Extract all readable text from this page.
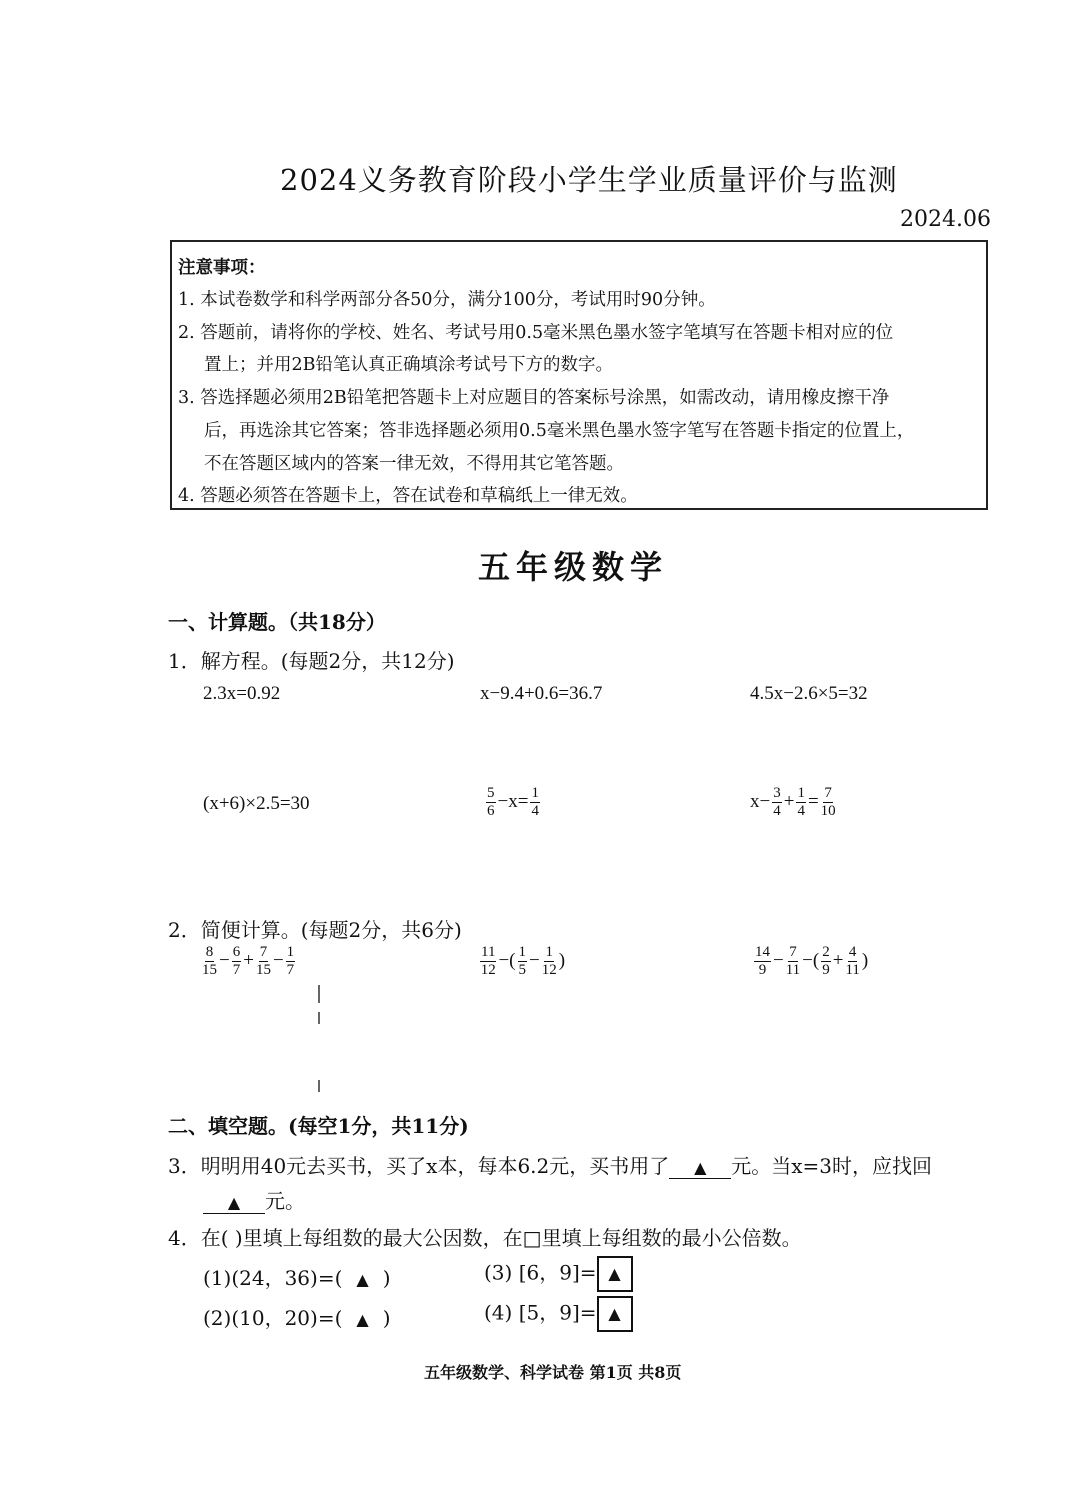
2024义务教育阶段小学生学业质量评价与监测
2024.06
注意事项：
1. 本试卷数学和科学两部分各50分，满分100分，考试用时90分钟。
2. 答题前，请将你的学校、姓名、考试号用0.5毫米黑色墨水签字笔填写在答题卡相对应的位
置上；并用2B铅笔认真正确填涂考试号下方的数字。
3. 答选择题必须用2B铅笔把答题卡上对应题目的答案标号涂黑，如需改动，请用橡皮擦干净
后，再选涂其它答案；答非选择题必须用0.5毫米黑色墨水签字笔写在答题卡指定的位置上，
不在答题区域内的答案一律无效，不得用其它笔答题。
4. 答题必须答在答题卡上，答在试卷和草稿纸上一律无效。
五年级数学
一、计算题。（共18分）
1．解方程。(每题2分，共12分)
2.3x=0.92	x−9.4+0.6=36.7	4.5x−2.6×5=32
(x+6)×2.5=30	$\frac{5}{6} -x= \frac{1}{4}$	$x- \frac{3}{4} + \frac{1}{4} = \frac{7}{10}$
2．简便计算。(每题2分，共6分)
$\frac{8}{15} - \frac{6}{7} + \frac{7}{15} - \frac{1}{7}$	$\frac{11}{12}$ −( $\frac{1}{5} - \frac{1}{12}$ )	$\frac{14}{9} - \frac{7}{11}$ −( $\frac{2}{9} + \frac{4}{11}$ )
二、填空题。(每空1分，共11分)
3．明明用40元去买书，买了x本，每本6.2元，买书用了 ▲ 元。当x=3时，应找回
▲ 元。
4．在( )里填上每组数的最大公因数，在□里填上每组数的最小公倍数。
(1)(24，36)=( ▲ )	(3) [6，9]= ▲
(2)(10，20)=( ▲ )	(4) [5，9]= ▲
五年级数学、科学试卷 第1页 共8页
